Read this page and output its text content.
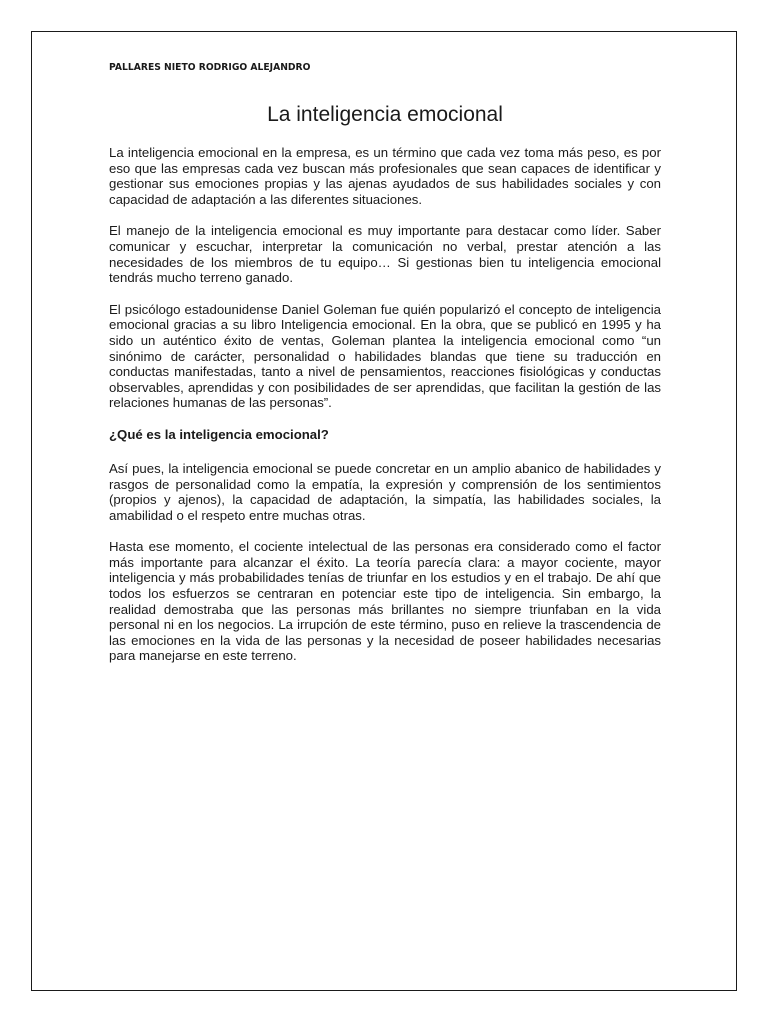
PALLARES NIETO RODRIGO ALEJANDRO
La inteligencia emocional

La inteligencia emocional en la empresa, es un término que cada vez toma más peso, es por eso que las empresas cada vez buscan más profesionales que sean capaces de identificar y gestionar sus emociones propias y las ajenas ayudados de sus habilidades sociales y con capacidad de adaptación a las diferentes situaciones.

El manejo de la inteligencia emocional es muy importante para destacar como líder. Saber comunicar y escuchar, interpretar la comunicación no verbal, prestar atención a las necesidades de los miembros de tu equipo… Si gestionas bien tu inteligencia emocional tendrás mucho terreno ganado.

El psicólogo estadounidense Daniel Goleman fue quién popularizó el concepto de inteligencia emocional gracias a su libro Inteligencia emocional. En la obra, que se publicó en 1995 y ha sido un auténtico éxito de ventas, Goleman plantea la inteligencia emocional como “un sinónimo de carácter, personalidad o habilidades blandas que tiene su traducción en conductas manifestadas, tanto a nivel de pensamientos, reacciones fisiológicas y conductas observables, aprendidas y con posibilidades de ser aprendidas, que facilitan la gestión de las relaciones humanas de las personas”.

¿Qué es la inteligencia emocional?

Así pues, la inteligencia emocional se puede concretar en un amplio abanico de habilidades y rasgos de personalidad como la empatía, la expresión y comprensión de los sentimientos (propios y ajenos), la capacidad de adaptación, la simpatía, las habilidades sociales, la amabilidad o el respeto entre muchas otras.

Hasta ese momento, el cociente intelectual de las personas era considerado como el factor más importante para alcanzar el éxito. La teoría parecía clara: a mayor cociente, mayor inteligencia y más probabilidades tenías de triunfar en los estudios y en el trabajo. De ahí que todos los esfuerzos se centraran en potenciar este tipo de inteligencia. Sin embargo, la realidad demostraba que las personas más brillantes no siempre triunfaban en la vida personal ni en los negocios. La irrupción de este término, puso en relieve la trascendencia de las emociones en la vida de las personas y la necesidad de poseer habilidades necesarias para manejarse en este terreno.
